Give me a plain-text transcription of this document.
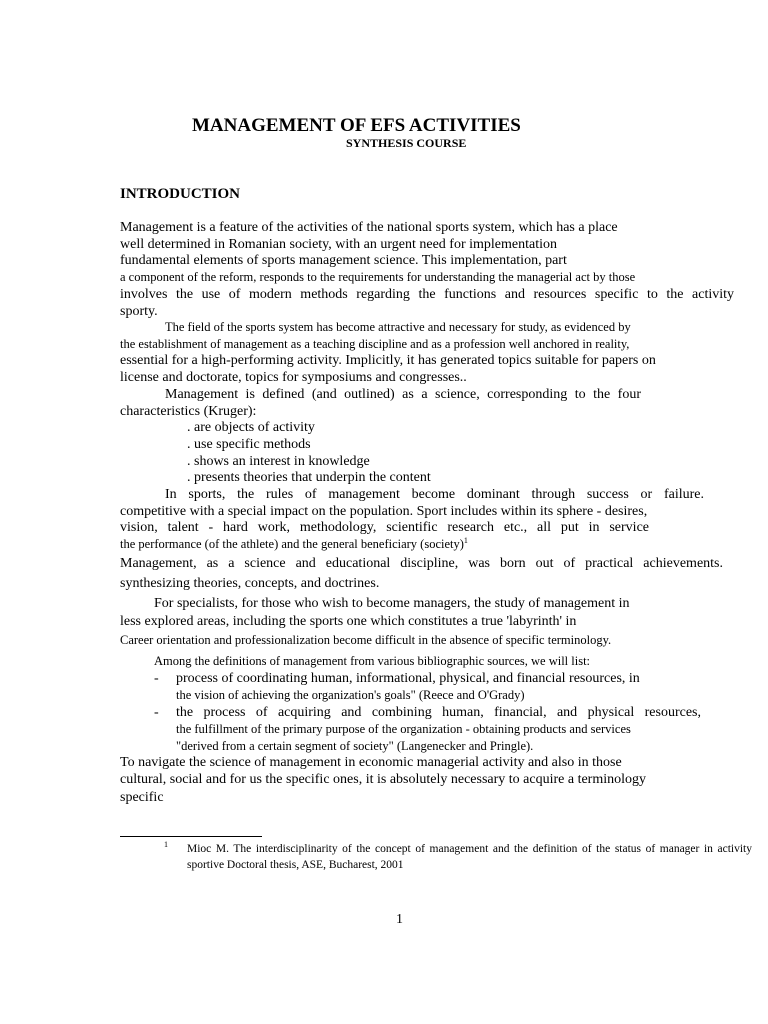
MANAGEMENT OF EFS ACTIVITIES
SYNTHESIS COURSE
INTRODUCTION
Management is a feature of the activities of the national sports system, which has a place
well determined in Romanian society, with an urgent need for implementation
fundamental elements of sports management science. This implementation, part
a component of the reform, responds to the requirements for understanding the managerial act by those
involves the use of modern methods regarding the functions and resources specific to the activity
sporty.
The field of the sports system has become attractive and necessary for study, as evidenced by
the establishment of management as a teaching discipline and as a profession well anchored in reality,
essential for a high-performing activity. Implicitly, it has generated topics suitable for papers on
license and doctorate, topics for symposiums and congresses..
Management is defined (and outlined) as a science, corresponding to the four
characteristics (Kruger):
. are objects of activity
. use specific methods
. shows an interest in knowledge
. presents theories that underpin the content
In sports, the rules of management become dominant through success or failure.
competitive with a special impact on the population. Sport includes within its sphere - desires,
vision, talent - hard work, methodology, scientific research etc., all put in service
the performance (of the athlete) and the general beneficiary (society)$^1$
Management, as a science and educational discipline, was born out of practical achievements.
synthesizing theories, concepts, and doctrines.
For specialists, for those who wish to become managers, the study of management in
less explored areas, including the sports one which constitutes a true 'labyrinth' in
Career orientation and professionalization become difficult in the absence of specific terminology.
Among the definitions of management from various bibliographic sources, we will list:
- process of coordinating human, informational, physical, and financial resources, in
the vision of achieving the organization's goals" (Reece and O'Grady)
- the process of acquiring and combining human, financial, and physical resources,
the fulfillment of the primary purpose of the organization - obtaining products and services
"derived from a certain segment of society" (Langenecker and Pringle).
To navigate the science of management in economic managerial activity and also in those
cultural, social and for us the specific ones, it is absolutely necessary to acquire a terminology
specific
1 Mioc M. The interdisciplinarity of the concept of management and the definition of the status of manager in activity
sportive Doctoral thesis, ASE, Bucharest, 2001
1
